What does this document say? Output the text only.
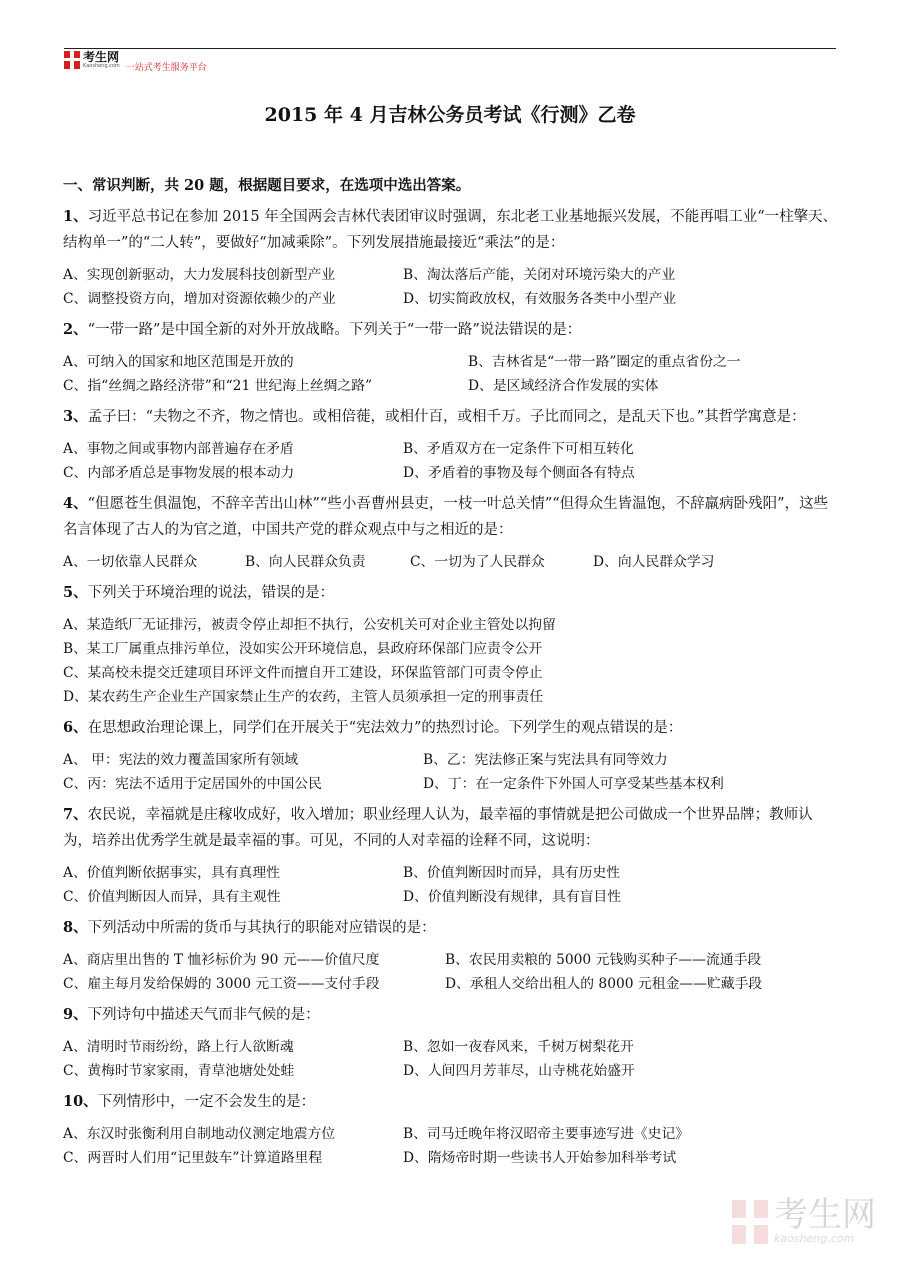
考生网
Kaosheng.com 一站式考生服务平台
2015 年 4 月吉林公务员考试《行测》乙卷
一、常识判断，共 20 题，根据题目要求，在选项中选出答案。
1、习近平总书记在参加 2015 年全国两会吉林代表团审议时强调，东北老工业基地振兴发展，不能再唱工业“一柱擎天、结构单一”的“二人转”，要做好“加减乘除”。下列发展措施最接近“乘法”的是：
A、实现创新驱动，大力发展科技创新型产业	B、淘汰落后产能，关闭对环境污染大的产业
C、调整投资方向，增加对资源依赖少的产业	D、切实简政放权，有效服务各类中小型产业
2、“一带一路”是中国全新的对外开放战略。下列关于“一带一路”说法错误的是：
A、可纳入的国家和地区范围是开放的	B、吉林省是“一带一路”圈定的重点省份之一
C、指“丝绸之路经济带”和“21 世纪海上丝绸之路”	D、是区域经济合作发展的实体
3、孟子曰：“夫物之不齐，物之情也。或相倍蓰，或相什百，或相千万。子比而同之，是乱天下也。”其哲学寓意是：
A、事物之间或事物内部普遍存在矛盾	B、矛盾双方在一定条件下可相互转化
C、内部矛盾总是事物发展的根本动力	D、矛盾着的事物及每个侧面各有特点
4、“但愿苍生俱温饱，不辞辛苦出山林”“些小吾曹州县吏，一枝一叶总关情”“但得众生皆温饱，不辞羸病卧残阳”，这些名言体现了古人的为官之道，中国共产党的群众观点中与之相近的是：
A、一切依靠人民群众	B、向人民群众负责	C、一切为了人民群众	D、向人民群众学习
5、下列关于环境治理的说法，错误的是：
A、某造纸厂无证排污，被责令停止却拒不执行，公安机关可对企业主管处以拘留
B、某工厂属重点排污单位，没如实公开环境信息，县政府环保部门应责令公开
C、某高校未提交迁建项目环评文件而擅自开工建设，环保监管部门可责令停止
D、某农药生产企业生产国家禁止生产的农药，主管人员须承担一定的刑事责任
6、在思想政治理论课上，同学们在开展关于“宪法效力”的热烈讨论。下列学生的观点错误的是：
A、 甲：宪法的效力覆盖国家所有领域	B、乙：宪法修正案与宪法具有同等效力
C、丙：宪法不适用于定居国外的中国公民	D、丁：在一定条件下外国人可享受某些基本权利
7、农民说，幸福就是庄稼收成好，收入增加；职业经理人认为，最幸福的事情就是把公司做成一个世界品牌；教师认为，培养出优秀学生就是最幸福的事。可见，不同的人对幸福的诠释不同，这说明：
A、价值判断依据事实，具有真理性	B、价值判断因时而异，具有历史性
C、价值判断因人而异，具有主观性	D、价值判断没有规律，具有盲目性
8、下列活动中所需的货币与其执行的职能对应错误的是：
A、商店里出售的 T 恤衫标价为 90 元——价值尺度	B、农民用卖粮的 5000 元钱购买种子——流通手段
C、雇主每月发给保姆的 3000 元工资——支付手段	D、承租人交给出租人的 8000 元租金——贮藏手段
9、下列诗句中描述天气而非气候的是：
A、清明时节雨纷纷，路上行人欲断魂	B、忽如一夜春风来，千树万树梨花开
C、黄梅时节家家雨，青草池塘处处蛙	D、人间四月芳菲尽，山寺桃花始盛开
10、下列情形中，一定不会发生的是：
A、东汉时张衡利用自制地动仪测定地震方位	B、司马迁晚年将汉昭帝主要事迹写进《史记》
C、两晋时人们用“记里鼓车”计算道路里程	D、隋炀帝时期一些读书人开始参加科举考试
考生网
kaosheng.com
